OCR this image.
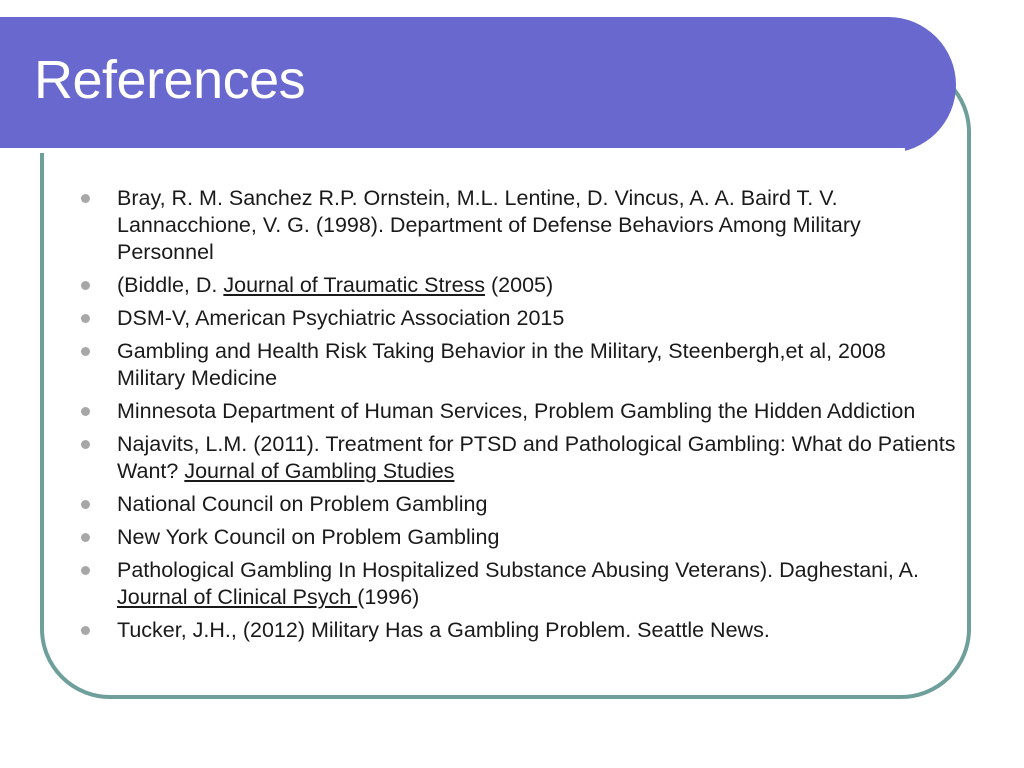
References
Bray, R. M. Sanchez R.P. Ornstein, M.L. Lentine, D. Vincus, A. A. Baird T. V. Lannacchione, V. G. (1998). Department of Defense Behaviors Among Military Personnel
(Biddle, D. Journal of Traumatic Stress (2005)
DSM-V, American Psychiatric Association 2015
Gambling and Health Risk Taking Behavior in the Military, Steenbergh,et al, 2008 Military Medicine
Minnesota Department of Human Services, Problem Gambling the Hidden Addiction
Najavits, L.M. (2011). Treatment for PTSD and Pathological Gambling: What do Patients Want? Journal of Gambling Studies
National Council on Problem Gambling
New York Council on Problem Gambling
Pathological Gambling In Hospitalized Substance Abusing Veterans). Daghestani, A. Journal of Clinical Psych (1996)
Tucker, J.H., (2012) Military Has a Gambling Problem. Seattle News.
